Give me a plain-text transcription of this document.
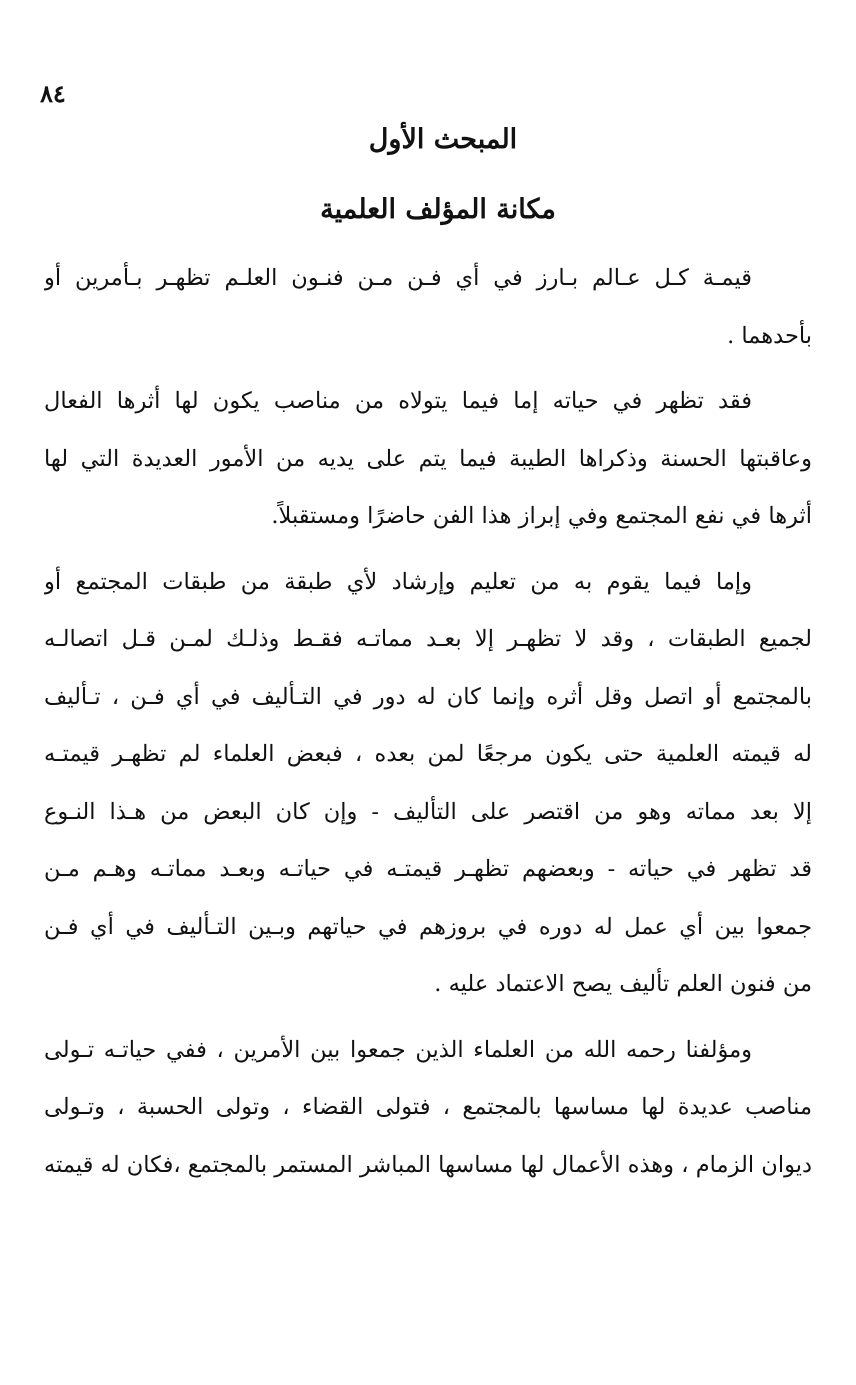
٨٤
المبحث الأول
مكانة المؤلف العلمية
قيمـة كـل عـالم بـارز في أي فـن مـن فنـون العلـم تظهـر بـأمرين أو
بأحدهما .
فقد تظهر في حياته إما فيما يتولاه من مناصب يكون لها أثرها الفعال
وعاقبتها الحسنة وذكراها الطيبة فيما يتم على يديه من الأمور العديدة التي لها
أثرها في نفع المجتمع وفي إبراز هذا الفن حاضرًا ومستقبلاً.
وإما فيما يقوم به من تعليم وإرشاد لأي طبقة من طبقات المجتمع أو
لجميع الطبقات ، وقد لا تظهـر إلا بعـد مماتـه فقـط وذلـك لمـن قـل اتصالـه
بالمجتمع أو اتصل وقل أثره وإنما كان له دور في التـأليف في أي فـن ، تـأليف
له قيمته العلمية حتى يكون مرجعًا لمن بعده ، فبعض العلماء لم تظهـر قيمتـه
إلا بعد مماته وهو من اقتصر على التأليف - وإن كان البعض من هـذا النـوع
قد تظهر في حياته - وبعضهم تظهـر قيمتـه في حياتـه وبعـد مماتـه وهـم مـن
جمعوا بين أي عمل له دوره في بروزهم في حياتهم وبـين التـأليف في أي فـن
من فنون العلم تأليف يصح الاعتماد عليه .
ومؤلفنا رحمه الله من العلماء الذين جمعوا بين الأمرين ، ففي حياتـه تـولى
مناصب عديدة لها مساسها بالمجتمع ، فتولى القضاء ، وتولى الحسبة ، وتـولى
ديوان الزمام ، وهذه الأعمال لها مساسها المباشر المستمر بالمجتمع ،فكان له قيمته
